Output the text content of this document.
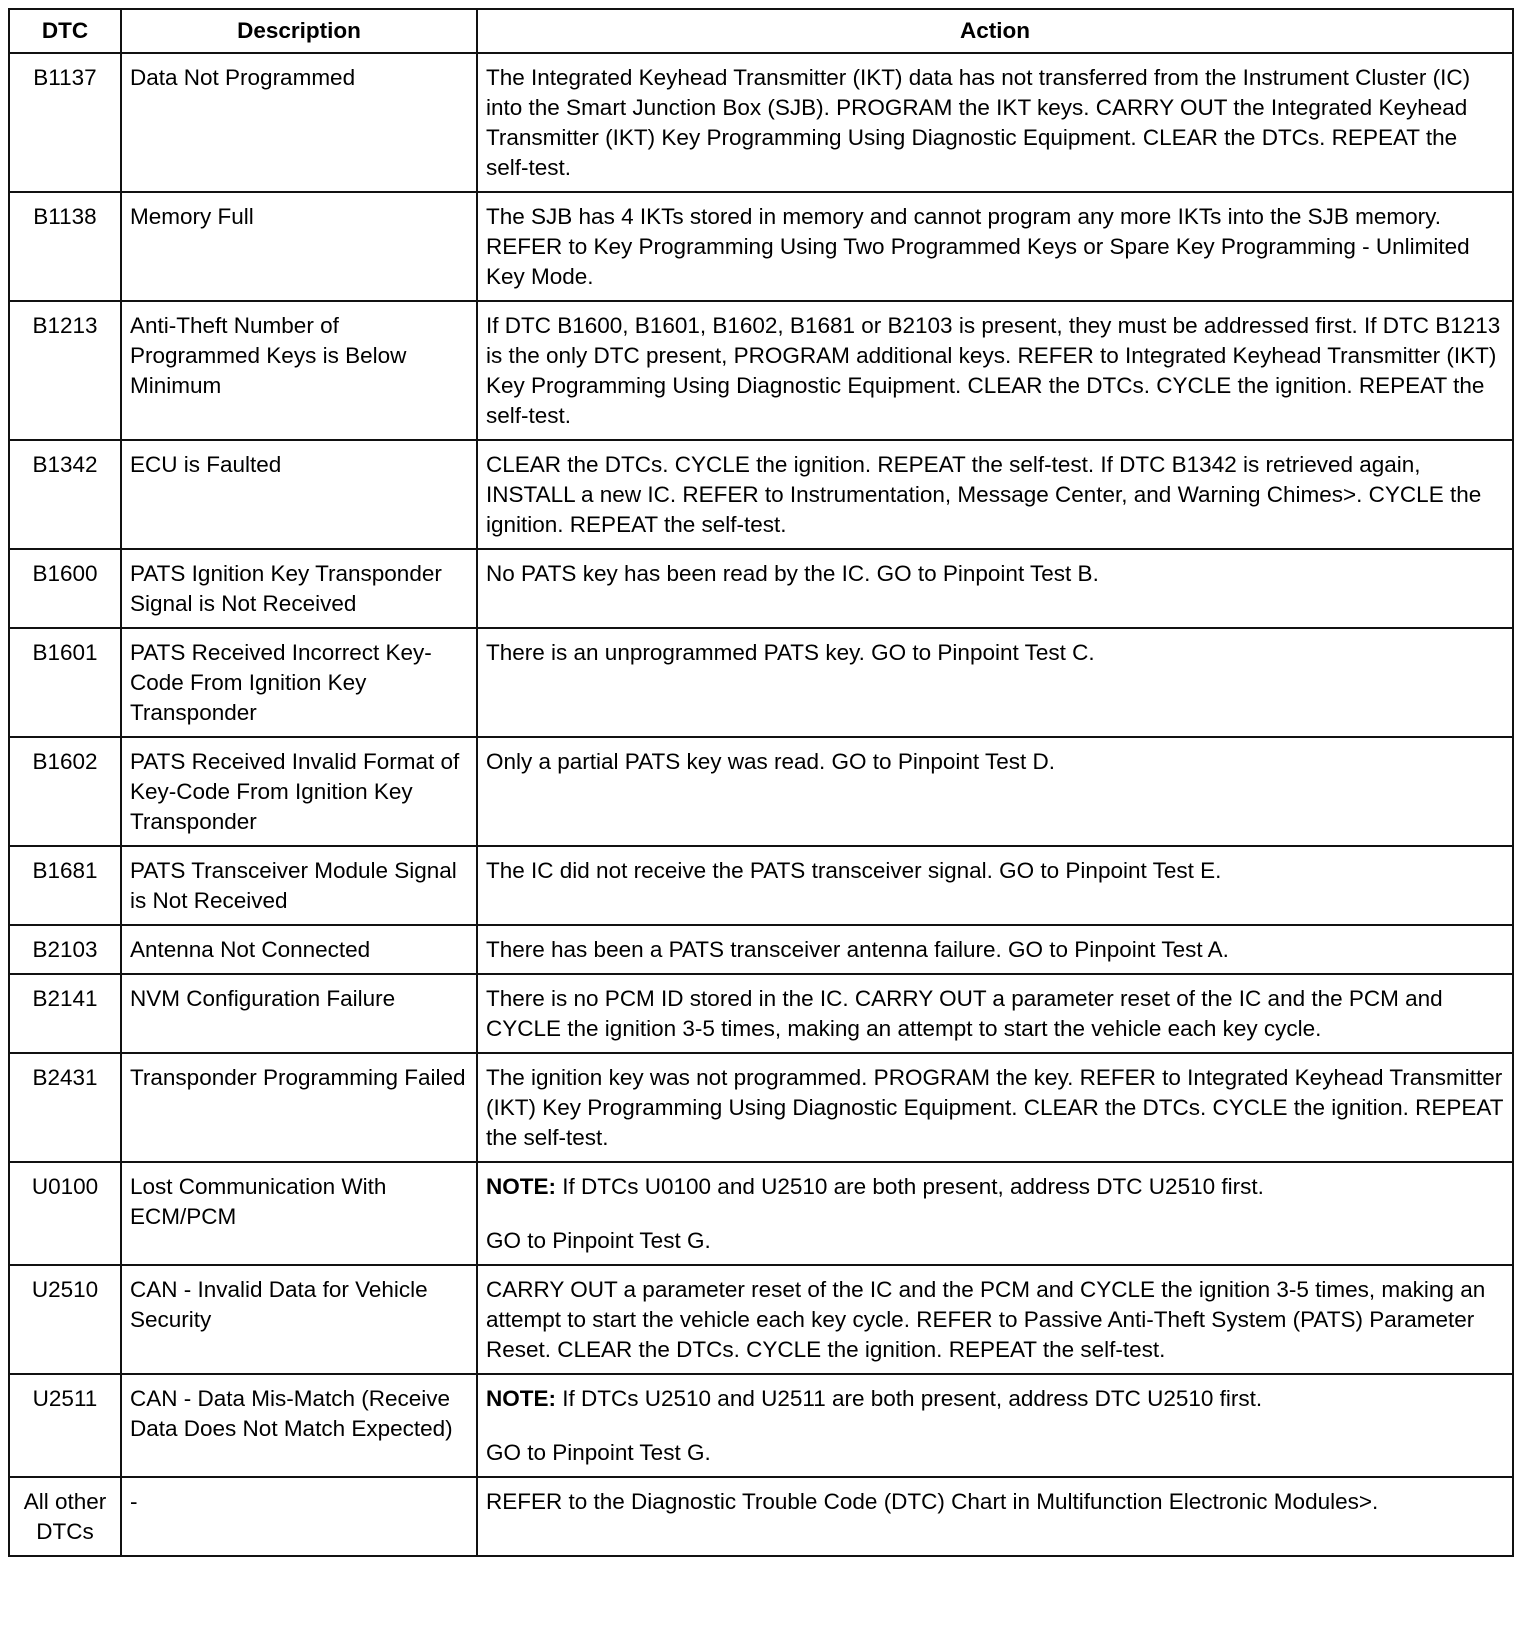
DTC	Description	Action
B1137	Data Not Programmed	The Integrated Keyhead Transmitter (IKT) data has not transferred from the Instrument Cluster (IC) into the Smart Junction Box (SJB). PROGRAM the IKT keys. CARRY OUT the Integrated Keyhead Transmitter (IKT) Key Programming Using Diagnostic Equipment. CLEAR the DTCs. REPEAT the self-test.
B1138	Memory Full	The SJB has 4 IKTs stored in memory and cannot program any more IKTs into the SJB memory. REFER to Key Programming Using Two Programmed Keys or Spare Key Programming - Unlimited Key Mode.
B1213	Anti-Theft Number of Programmed Keys is Below Minimum	If DTC B1600, B1601, B1602, B1681 or B2103 is present, they must be addressed first. If DTC B1213 is the only DTC present, PROGRAM additional keys. REFER to Integrated Keyhead Transmitter (IKT) Key Programming Using Diagnostic Equipment. CLEAR the DTCs. CYCLE the ignition. REPEAT the self-test.
B1342	ECU is Faulted	CLEAR the DTCs. CYCLE the ignition. REPEAT the self-test. If DTC B1342 is retrieved again, INSTALL a new IC. REFER to Instrumentation, Message Center, and Warning Chimes>. CYCLE the ignition. REPEAT the self-test.
B1600	PATS Ignition Key Transponder Signal is Not Received	No PATS key has been read by the IC. GO to Pinpoint Test B.
B1601	PATS Received Incorrect Key-Code From Ignition Key Transponder	There is an unprogrammed PATS key. GO to Pinpoint Test C.
B1602	PATS Received Invalid Format of Key-Code From Ignition Key Transponder	Only a partial PATS key was read. GO to Pinpoint Test D.
B1681	PATS Transceiver Module Signal is Not Received	The IC did not receive the PATS transceiver signal. GO to Pinpoint Test E.
B2103	Antenna Not Connected	There has been a PATS transceiver antenna failure. GO to Pinpoint Test A.
B2141	NVM Configuration Failure	There is no PCM ID stored in the IC. CARRY OUT a parameter reset of the IC and the PCM and CYCLE the ignition 3-5 times, making an attempt to start the vehicle each key cycle.
B2431	Transponder Programming Failed	The ignition key was not programmed. PROGRAM the key. REFER to Integrated Keyhead Transmitter (IKT) Key Programming Using Diagnostic Equipment. CLEAR the DTCs. CYCLE the ignition. REPEAT the self-test.
U0100	Lost Communication With ECM/PCM	NOTE: If DTCs U0100 and U2510 are both present, address DTC U2510 first.

GO to Pinpoint Test G.

U2510	CAN - Invalid Data for Vehicle Security	CARRY OUT a parameter reset of the IC and the PCM and CYCLE the ignition 3-5 times, making an attempt to start the vehicle each key cycle. REFER to Passive Anti-Theft System (PATS) Parameter Reset. CLEAR the DTCs. CYCLE the ignition. REPEAT the self-test.
U2511	CAN - Data Mis-Match (Receive Data Does Not Match Expected)	NOTE: If DTCs U2510 and U2511 are both present, address DTC U2510 first.

GO to Pinpoint Test G.

All other DTCs	-	REFER to the Diagnostic Trouble Code (DTC) Chart in Multifunction Electronic Modules>.
